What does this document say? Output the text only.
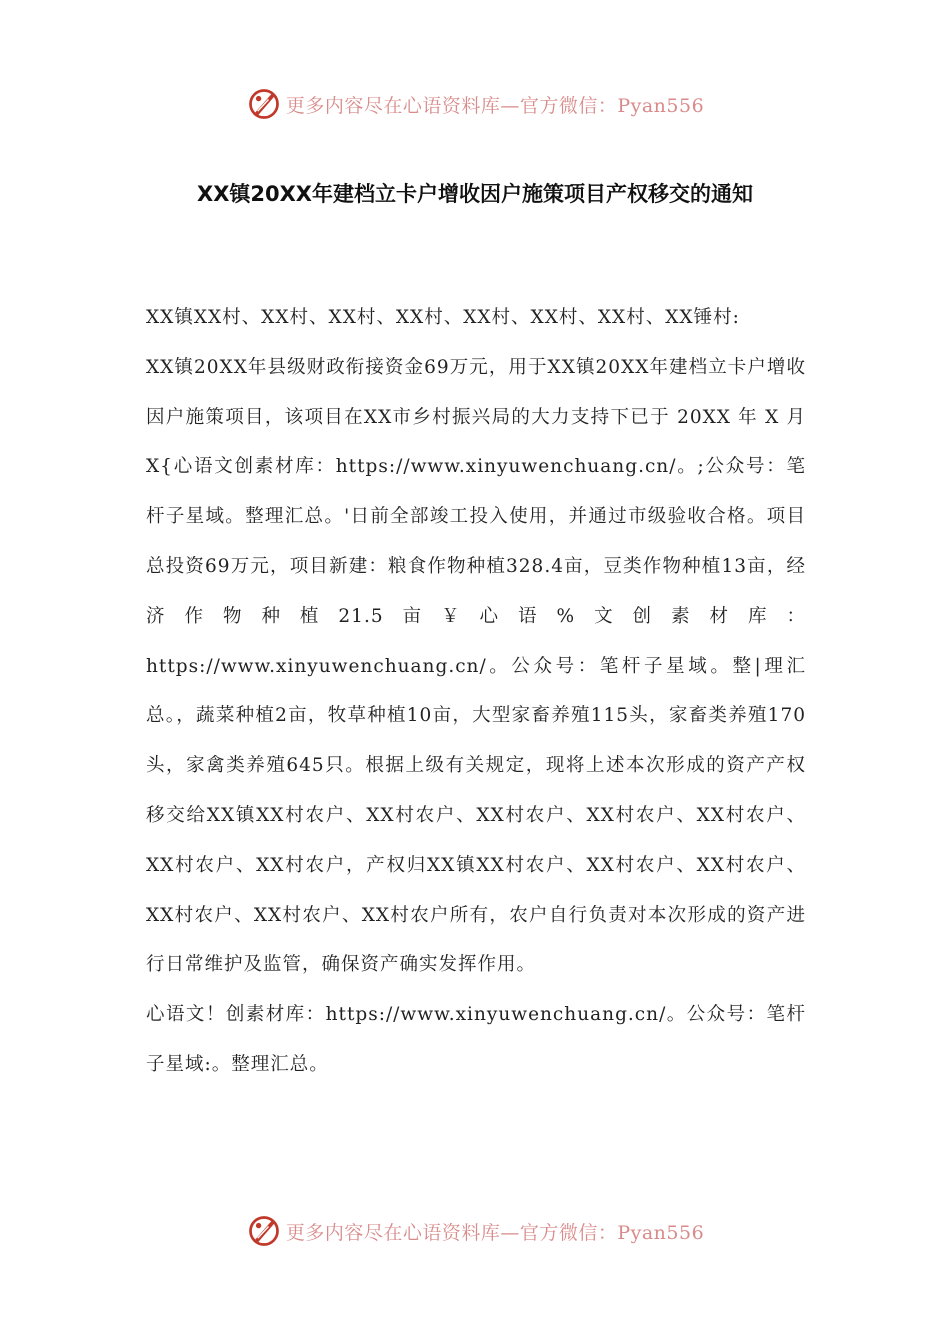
更多内容尽在心语资料库—官方微信：Pyan556
XX镇20XX年建档立卡户增收因户施策项目产权移交的通知

XX镇XX村、XX村、XX村、XX村、XX村、XX村、XX村、XX锤村:

XX镇20XX年县级财政衔接资金69万元，用于XX镇20XX年建档立卡户增收因户施策项目，该项目在XX市乡村振兴局的大力支持下已于 20XX 年 X 月 X{心语文创素材库：https://www.xinyuwenchuang.cn/。;公众号：笔杆子星域。整理汇总。'日前全部竣工投入使用，并通过市级验收合格。项目总投资69万元，项目新建：粮食作物种植328.4亩，豆类作物种植13亩，经济作物种植21.5亩￥心语%文创素材库：https://www.xinyuwenchuang.cn/。公众号：笔杆子星域。整|理汇总。，蔬菜种植2亩，牧草种植10亩，大型家畜养殖115头，家畜类养殖170头，家禽类养殖645只。根据上级有关规定，现将上述本次形成的资产产权移交给XX镇XX村农户、XX村农户、XX村农户、XX村农户、XX村农户、XX村农户、XX村农户，产权归XX镇XX村农户、XX村农户、XX村农户、XX村农户、XX村农户、XX村农户所有，农户自行负责对本次形成的资产进行日常维护及监管，确保资产确实发挥作用。

心语文！创素材库：https://www.xinyuwenchuang.cn/。公众号：笔杆子星域:。整理汇总。

更多内容尽在心语资料库—官方微信：Pyan556
